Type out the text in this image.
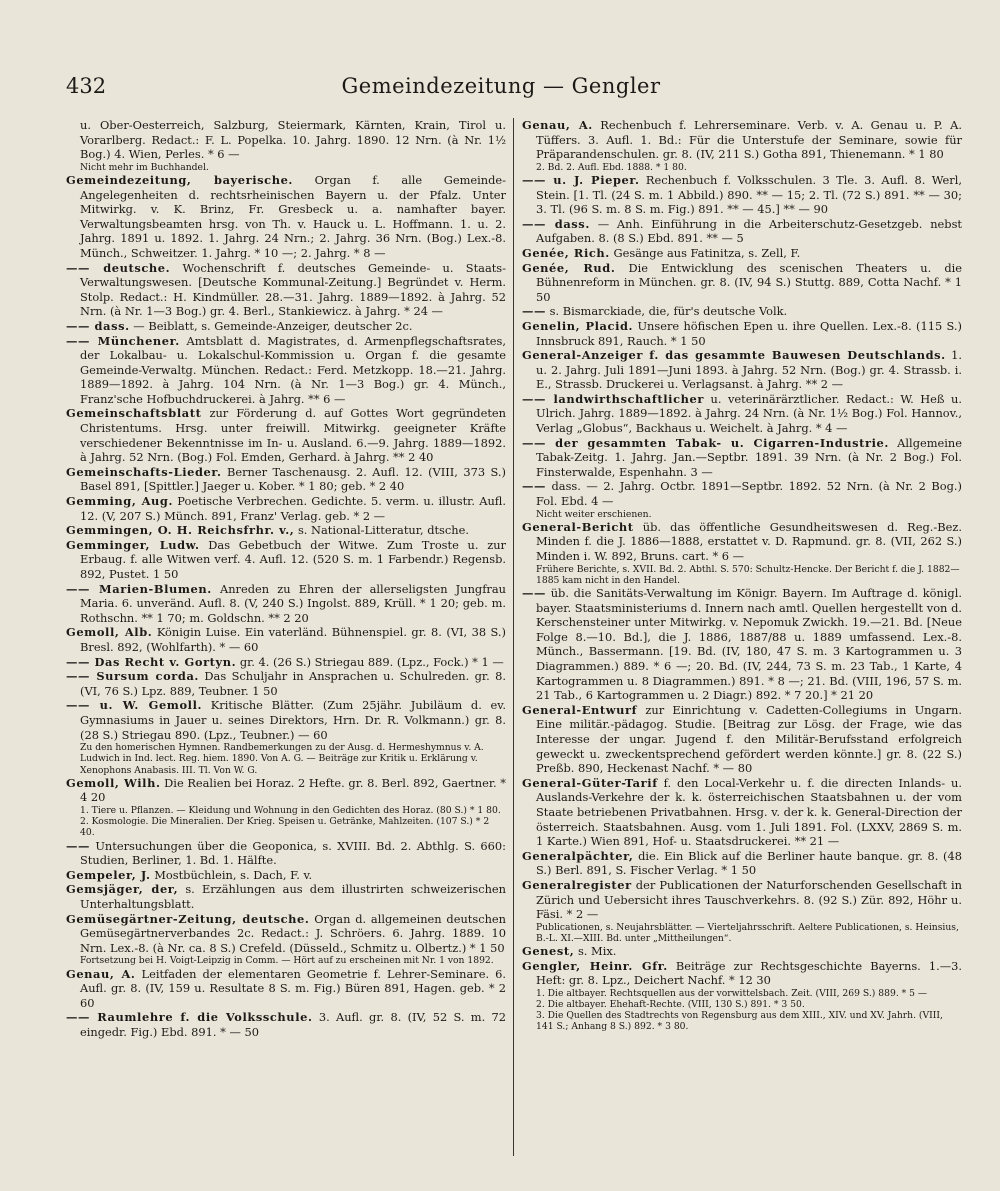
432	Gemeindezeitung — Gengler

u. Ober-Oesterreich, Salzburg, Steiermark, Kärnten, Krain, Tirol u. Vorarlberg. Redact.: F. L. Popelka. 10. Jahrg. 1890. 12 Nrn. (à Nr. 1½ Bog.) 4. Wien, Perles. * 6 —

Nicht mehr im Buchhandel.

Gemeindezeitung, bayerische. Organ f. alle Gemeinde-Angelegenheiten d. rechtsrheinischen Bayern u. der Pfalz. Unter Mitwirkg. v. K. Brinz, Fr. Gresbeck u. a. namhafter bayer. Verwaltungsbeamten hrsg. von Th. v. Hauck u. L. Hoffmann. 1. u. 2. Jahrg. 1891 u. 1892. 1. Jahrg. 24 Nrn.; 2. Jahrg. 36 Nrn. (Bog.) Lex.-8. Münch., Schweitzer. 1. Jahrg. * 10 —; 2. Jahrg. * 8 —

—— deutsche. Wochenschrift f. deutsches Gemeinde- u. Staats-Verwaltungswesen. [Deutsche Kommunal-Zeitung.] Begründet v. Herm. Stolp. Redact.: H. Kindmüller. 28.—31. Jahrg. 1889—1892. à Jahrg. 52 Nrn. (à Nr. 1—3 Bog.) gr. 4. Berl., Stankiewicz. à Jahrg. * 24 —

—— dass. — Beiblatt, s. Gemeinde-Anzeiger, deutscher 2c.

—— Münchener. Amtsblatt d. Magistrates, d. Armenpflegschaftsrates, der Lokalbau- u. Lokalschul-Kommission u. Organ f. die gesamte Gemeinde-Verwaltg. München. Redact.: Ferd. Metzkopp. 18.—21. Jahrg. 1889—1892. à Jahrg. 104 Nrn. (à Nr. 1—3 Bog.) gr. 4. Münch., Franz'sche Hofbuchdruckerei. à Jahrg. ** 6 —

Gemeinschaftsblatt zur Förderung d. auf Gottes Wort gegründeten Christentums. Hrsg. unter freiwill. Mitwirkg. geeigneter Kräfte verschiedener Bekenntnisse im In- u. Ausland. 6.—9. Jahrg. 1889—1892. à Jahrg. 52 Nrn. (Bog.) Fol. Emden, Gerhard. à Jahrg. ** 2 40

Gemeinschafts-Lieder. Berner Taschenausg. 2. Aufl. 12. (VIII, 373 S.) Basel 891, [Spittler.] Jaeger u. Kober. * 1 80; geb. * 2 40

Gemming, Aug. Poetische Verbrechen. Gedichte. 5. verm. u. illustr. Aufl. 12. (V, 207 S.) Münch. 891, Franz' Verlag. geb. * 2 —

Gemmingen, O. H. Reichsfrhr. v., s. National-Litteratur, dtsche.

Gemminger, Ludw. Das Gebetbuch der Witwe. Zum Troste u. zur Erbaug. f. alle Witwen verf. 4. Aufl. 12. (520 S. m. 1 Farbendr.) Regensb. 892, Pustet. 1 50

—— Marien-Blumen. Anreden zu Ehren der allerseligsten Jungfrau Maria. 6. unveränd. Aufl. 8. (V, 240 S.) Ingolst. 889, Krüll. * 1 20; geb. m. Rothschn. ** 1 70; m. Goldschn. ** 2 20

Gemoll, Alb. Königin Luise. Ein vaterländ. Bühnenspiel. gr. 8. (VI, 38 S.) Bresl. 892, (Wohlfarth). * — 60

—— Das Recht v. Gortyn. gr. 4. (26 S.) Striegau 889. (Lpz., Fock.) * 1 —

—— Sursum corda. Das Schuljahr in Ansprachen u. Schulreden. gr. 8. (VI, 76 S.) Lpz. 889, Teubner. 1 50

—— u. W. Gemoll. Kritische Blätter. (Zum 25jähr. Jubiläum d. ev. Gymnasiums in Jauer u. seines Direktors, Hrn. Dr. R. Volkmann.) gr. 8. (28 S.) Striegau 890. (Lpz., Teubner.) — 60

Zu den homerischen Hymnen. Randbemerkungen zu der Ausg. d. Hermeshymnus v. A. Ludwich in Ind. lect. Reg. hiem. 1890. Von A. G. — Beiträge zur Kritik u. Erklärung v. Xenophons Anabasis. III. Tl. Von W. G.

Gemoll, Wilh. Die Realien bei Horaz. 2 Hefte. gr. 8. Berl. 892, Gaertner. * 4 20

1. Tiere u. Pflanzen. — Kleidung und Wohnung in den Gedichten des Horaz. (80 S.) * 1 80.

2. Kosmologie. Die Mineralien. Der Krieg. Speisen u. Getränke, Mahlzeiten. (107 S.) * 2 40.

—— Untersuchungen über die Geoponica, s. XVIII. Bd. 2. Abthlg. S. 660: Studien, Berliner, 1. Bd. 1. Hälfte.

Gempeler, J. Mostbüchlein, s. Dach, F. v.

Gemsjäger, der, s. Erzählungen aus dem illustrirten schweizerischen Unterhaltungsblatt.

Gemüsegärtner-Zeitung, deutsche. Organ d. allgemeinen deutschen Gemüsegärtnerverbandes 2c. Redact.: J. Schröers. 6. Jahrg. 1889. 10 Nrn. Lex.-8. (à Nr. ca. 8 S.) Crefeld. (Düsseld., Schmitz u. Olbertz.) * 1 50

Fortsetzung bei H. Voigt-Leipzig in Comm. — Hört auf zu erscheinen mit Nr. 1 von 1892.

Genau, A. Leitfaden der elementaren Geometrie f. Lehrer-Seminare. 6. Aufl. gr. 8. (IV, 159 u. Resultate 8 S. m. Fig.) Büren 891, Hagen. geb. * 2 60

—— Raumlehre f. die Volksschule. 3. Aufl. gr. 8. (IV, 52 S. m. 72 eingedr. Fig.) Ebd. 891. * — 50

Genau, A. Rechenbuch f. Lehrerseminare. Verb. v. A. Genau u. P. A. Tüffers. 3. Aufl. 1. Bd.: Für die Unterstufe der Seminare, sowie für Präparandenschulen. gr. 8. (IV, 211 S.) Gotha 891, Thienemann. * 1 80

2. Bd. 2. Aufl. Ebd. 1888. * 1 80.

—— u. J. Pieper. Rechenbuch f. Volksschulen. 3 Tle. 3. Aufl. 8. Werl, Stein. [1. Tl. (24 S. m. 1 Abbild.) 890. ** — 15; 2. Tl. (72 S.) 891. ** — 30; 3. Tl. (96 S. m. 8 S. m. Fig.) 891. ** — 45.] ** — 90

—— dass. — Anh. Einführung in die Arbeiterschutz-Gesetzgeb. nebst Aufgaben. 8. (8 S.) Ebd. 891. ** — 5

Genée, Rich. Gesänge aus Fatinitza, s. Zell, F.

Genée, Rud. Die Entwicklung des scenischen Theaters u. die Bühnenreform in München. gr. 8. (IV, 94 S.) Stuttg. 889, Cotta Nachf. * 1 50

—— s. Bismarckiade, die, für's deutsche Volk.

Genelin, Placid. Unsere höfischen Epen u. ihre Quellen. Lex.-8. (115 S.) Innsbruck 891, Rauch. * 1 50

General-Anzeiger f. das gesammte Bauwesen Deutschlands. 1. u. 2. Jahrg. Juli 1891—Juni 1893. à Jahrg. 52 Nrn. (Bog.) gr. 4. Strassb. i. E., Strassb. Druckerei u. Verlagsanst. à Jahrg. ** 2 —

—— landwirthschaftlicher u. veterinärärztlicher. Redact.: W. Heß u. Ulrich. Jahrg. 1889—1892. à Jahrg. 24 Nrn. (à Nr. 1½ Bog.) Fol. Hannov., Verlag „Globus“, Backhaus u. Weichelt. à Jahrg. * 4 —

—— der gesammten Tabak- u. Cigarren-Industrie. Allgemeine Tabak-Zeitg. 1. Jahrg. Jan.—Septbr. 1891. 39 Nrn. (à Nr. 2 Bog.) Fol. Finsterwalde, Espenhahn. 3 —

—— dass. — 2. Jahrg. Octbr. 1891—Septbr. 1892. 52 Nrn. (à Nr. 2 Bog.) Fol. Ebd. 4 —

Nicht weiter erschienen.

General-Bericht üb. das öffentliche Gesundheitswesen d. Reg.-Bez. Minden f. die J. 1886—1888, erstattet v. D. Rapmund. gr. 8. (VII, 262 S.) Minden i. W. 892, Bruns. cart. * 6 —

Frühere Berichte, s. XVII. Bd. 2. Abthl. S. 570: Schultz-Hencke. Der Bericht f. die J. 1882—1885 kam nicht in den Handel.

—— üb. die Sanitäts-Verwaltung im Königr. Bayern. Im Auftrage d. königl. bayer. Staatsministeriums d. Innern nach amtl. Quellen hergestellt von d. Kerschensteiner unter Mitwirkg. v. Nepomuk Zwickh. 19.—21. Bd. [Neue Folge 8.—10. Bd.], die J. 1886, 1887/88 u. 1889 umfassend. Lex.-8. Münch., Bassermann. [19. Bd. (IV, 180, 47 S. m. 3 Kartogrammen u. 3 Diagrammen.) 889. * 6 —; 20. Bd. (IV, 244, 73 S. m. 23 Tab., 1 Karte, 4 Kartogrammen u. 8 Diagrammen.) 891. * 8 —; 21. Bd. (VIII, 196, 57 S. m. 21 Tab., 6 Kartogrammen u. 2 Diagr.) 892. * 7 20.] * 21 20

General-Entwurf zur Einrichtung v. Cadetten-Collegiums in Ungarn. Eine militär.-pädagog. Studie. [Beitrag zur Lösg. der Frage, wie das Interesse der ungar. Jugend f. den Militär-Berufsstand erfolgreich geweckt u. zweckentsprechend gefördert werden könnte.] gr. 8. (22 S.) Preßb. 890, Heckenast Nachf. * — 80

General-Güter-Tarif f. den Local-Verkehr u. f. die directen Inlands- u. Auslands-Verkehre der k. k. österreichischen Staatsbahnen u. der vom Staate betriebenen Privatbahnen. Hrsg. v. der k. k. General-Direction der österreich. Staatsbahnen. Ausg. vom 1. Juli 1891. Fol. (LXXV, 2869 S. m. 1 Karte.) Wien 891, Hof- u. Staatsdruckerei. ** 21 —

Generalpächter, die. Ein Blick auf die Berliner haute banque. gr. 8. (48 S.) Berl. 891, S. Fischer Verlag. * 1 50

Generalregister der Publicationen der Naturforschenden Gesellschaft in Zürich und Uebersicht ihres Tauschverkehrs. 8. (92 S.) Zür. 892, Höhr u. Fäsi. * 2 —

Publicationen, s. Neujahrsblätter. — Vierteljahrsschrift. Aeltere Publicationen, s. Heinsius, B.-L. XI.—XIII. Bd. unter „Mittheilungen“.

Genest, s. Mix.

Gengler, Heinr. Gfr. Beiträge zur Rechtsgeschichte Bayerns. 1.—3. Heft: gr. 8. Lpz., Deichert Nachf. * 12 30

1. Die altbayer. Rechtsquellen aus der vorwittelsbach. Zeit. (VIII, 269 S.) 889. * 5 —

2. Die altbayer. Ehehaft-Rechte. (VIII, 130 S.) 891. * 3 50.

3. Die Quellen des Stadtrechts von Regensburg aus dem XIII., XIV. und XV. Jahrh. (VIII, 141 S.; Anhang 8 S.) 892. * 3 80.
